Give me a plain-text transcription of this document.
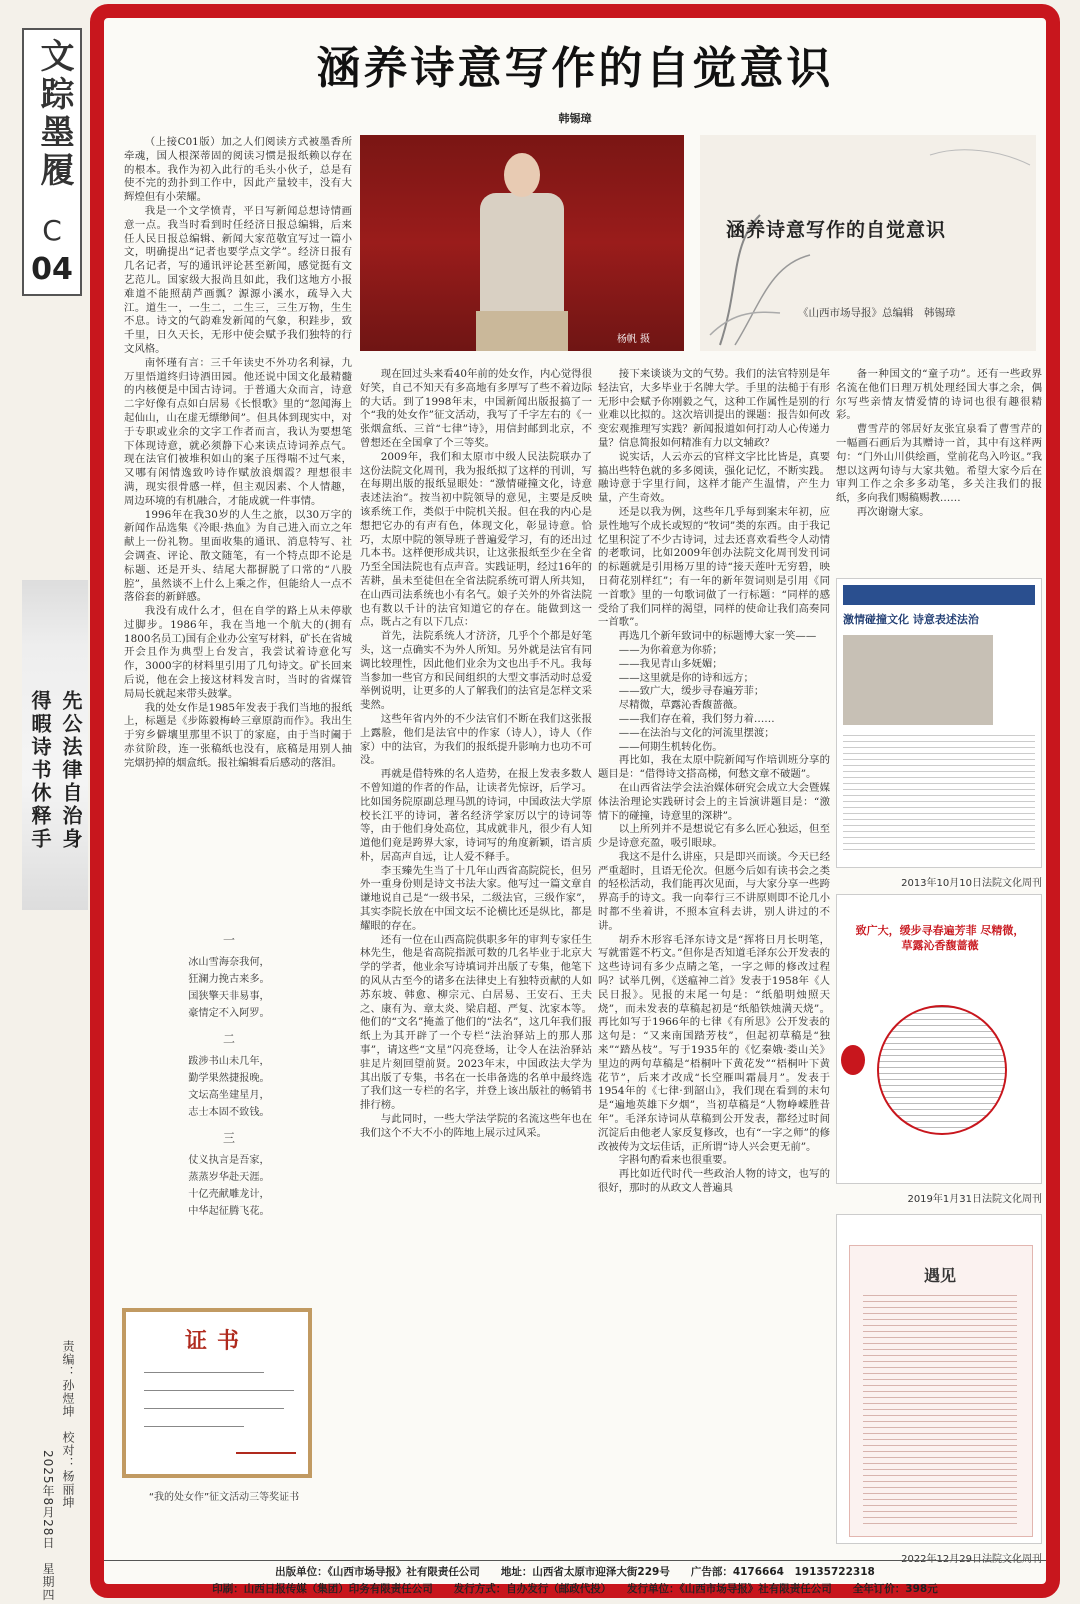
文踪墨履
C
04
先公法律自治身
得暇诗书休释手
责编：孙煜坤　校对：杨丽坤
2025年8月28日　星期四
涵养诗意写作的自觉意识
韩锡璋
杨帆 摄
涵养诗意写作的自觉意识
《山西市场导报》总编辑　韩锡璋

（上接C01版）加之人们阅读方式被墨香所牵魂，国人根深蒂固的阅读习惯是报纸赖以存在的根本。我作为初入此行的毛头小伙子，总是有使不完的劲扑到工作中，因此产量较丰，没有大辉煌但有小荣耀。

我是一个文学愤青，平日写新闻总想诗情画意一点。我当时看到时任经济日报总编辑，后来任人民日报总编辑、新闻大家范敬宜写过一篇小文，明确提出“记者也要学点文学”。经济日报有几名记者，写的通讯评论甚至新闻，感觉挺有文艺范儿。国家级大报尚且如此，我们这地方小报难道不能照葫芦画瓢？源源小溪水，疏导入大江。道生一，一生二，二生三，三生万物，生生不息。诗文的气韵难发新闻的气象，积跬步，致千里，日久天长，无形中使会赋予我们独特的行文风格。

南怀瑾有言：三千年读史不外功名利禄，九万里悟道终归诗酒田园。他还说中国文化最精髓的内核便是中国古诗词。于普通大众而言，诗意二字好像有点如白居易《长恨歌》里的“忽闻海上起仙山，山在虚无缥缈间”。但具体到现实中，对于专职或业余的文字工作者而言，我认为要想笔下体现诗意，就必须静下心来读点诗词养点气。现在法官们被堆积如山的案子压得喘不过气来，又哪有闲情逸致吟诗作赋放浪烟霞？理想很丰满，现实很骨感一样，但主观因素、个人情趣，周边环境的有机融合，才能成就一件事情。

1996年在我30岁的人生之旅，以30万字的新闻作品选集《冷眼·热血》为自己进入而立之年献上一份礼物。里面收集的通讯、消息特写、社会调查、评论、散文随笔，有一个特点即不论是标题、还是开头、结尾大都摒脱了口常的“八股腔”，虽然谈不上什么上乘之作，但能给人一点不落俗套的新鲜感。

我没有成什么才，但在自学的路上从未停歇过脚步。1986年，我在当地一个航大的(拥有1800名员工)国有企业办公室写材料，矿长在省城开会且作为典型上台发言，我尝试着诗意化写作，3000字的材料里引用了几句诗文。矿长回来后说，他在会上接这材料发言时，当时的省煤管局局长就起来带头鼓掌。

我的处女作是1985年发表于我们当地的报纸上，标题是《步陈毅梅岭三章原韵而作》。我出生于穷乡僻壤里那里不识丁的家庭，由于当时阖于赤贫阶段，连一张稿纸也没有，底稿是用别人抽完烟扔掉的烟盒纸。报社编辑看后感动的落泪。

一
冰山雪海奈我何，
狂澜力挽古来多。
国狭擎天非易事，
豪情定不入阿罗。
二
跋涉书山未几年，
勤学果然捷报晚。
文坛高坐建星月，
志士本固不致钱。
三
仗义执言是吾家，
蒸蒸岁华赴天涯。
十亿壳献雕龙计，
中华起征腾飞花。
证书
“我的处女作”征文活动三等奖证书

现在回过头来看40年前的处女作，内心觉得很好笑，自己不知天有多高地有多厚写了些不着边际的大话。到了1998年末，中国新闻出版报搞了一个“我的处女作”征文活动，我写了千字左右的《一张烟盒纸、三首“七律”诗》，用信封邮到北京，不曾想还在全国拿了个三等奖。

2009年，我们和太原市中级人民法院联办了这份法院文化周刊，我为报纸拟了这样的刊训，写在每期出版的报纸显眼处：“激情碰撞文化，诗意表述法治”。按当初中院领导的意见，主要是反映该系统工作，类似于中院机关报。但在我的内心是想把它办的有声有色，体现文化，彰显诗意。恰巧，太原中院的领导班子普遍爱学习，有的还出过几本书。这样便形成共识，让这张报纸至少在全省乃至全国法院也有点声音。实践证明，经过16年的苦耕，虽未至徒但在全省法院系统可谓人所共知，在山西司法系统也小有名气。娘子关外的外省法院也有数以千计的法官知道它的存在。能做到这一点，既占之有以下几点：

首先，法院系统人才济济，几乎个个都是好笔头，这一点确实不为外人所知。另外就是法官有同调比较理性，因此他们业余为文也出手不凡。我每当参加一些官方和民间组织的大型文事活动时总爱举例说明，让更多的人了解我们的法官是怎样文采斐然。

这些年省内外的不少法官们不断在我们这张报上露脸，他们是法官中的作家（诗人），诗人（作家）中的法官，为我们的报纸提升影响力也功不可没。

再就是借特殊的名人造势，在报上发表多数人不曾知道的作者的作品，让读者先惊讶，后学习。比如国务院原副总理马凯的诗词，中国政法大学原校长江平的诗词，著名经济学家厉以宁的诗词等等，由于他们身处高位，其成就非凡，很少有人知道他们竟是跨界大家，诗词写的角度新颖，语言质朴，居高声自远，让人爱不释手。

李玉臻先生当了十几年山西省高院院长，但另外一重身份则是诗文书法大家。他写过一篇文章自谦地说自己是“一级书呆，二级法官，三级作家”，其实李院长放在中国文坛不论横比还是纵比，都是耀眼的存在。

还有一位在山西高院供职多年的审判专家任生林先生，他是省高院指派可数的几名毕业于北京大学的学者，他业余写诗填词并出版了专集，他笔下的风从古至今的诸多在法律史上有独特贡献的人如苏东坡、韩愈、柳宗元、白居易、王安石、王夫之、康有为、章太炎、梁启超、严复、沈家本等。他们的“文名”掩盖了他们的“法名”，这几年我们报纸上为其开辟了一个专栏“法治驿站上的那人那事”，请这些“文星”闪亮登场，让令人在法治驿站驻足片刻回望前贤。2023年末，中国政法大学为其出版了专集，书名在一长串备选的名单中最终选了我们这一专栏的名字，并登上该出版社的畅销书排行榜。

与此同时，一些大学法学院的名流这些年也在我们这个不大不小的阵地上展示过风采。

接下来谈谈为文的气势。我们的法官特别是年轻法官，大多毕业于名牌大学。手里的法槌于有形无形中会赋予你刚毅之气，这种工作属性是别的行业难以比拟的。这次培训提出的课题：报告如何改变宏观推理写实践？新闻报道如何打动人心传递力量？信息简报如何精准有力以文辅政？

说实话，人云亦云的官样文字比比皆是，真要搞出些特色就的多多阅读，强化记忆，不断实践。融诗意于字里行间，这样才能产生温情，产生力量，产生奇效。

还是以我为例，这些年几乎每到案末年初，应景性地写个成长或短的“牧词”类的东西。由于我记忆里积淀了不少古诗词，过去还喜欢看些令人动情的老歌词，比如2009年创办法院文化周刊发刊词的标题就是引用杨万里的诗“接天莲叶无穷碧，映日荷花别样红”；有一年的新年贺词则是引用《同一首歌》里的一句歌词做了一行标题：“同样的感受给了我们同样的渴望，同样的使命让我们高奏同一首歌”。

再选几个新年致词中的标题博大家一笑——

——为你着意为你骄；

——我见青山多妩媚；

——这里就是你的诗和远方；

——致广大，缓步寻春遍芳菲；

尽精微，草露沁香馥蔷薇。

——我们存在着，我们努力着……

——在法治与文化的河流里摆渡；

——何期生机转化伤。

再比如，我在太原中院新闻写作培训班分享的题目是：“借得诗文搭高梯，何愁文章不破题”。

在山西省法学会法治媒体研究会成立大会暨媒体法治理论实践研讨会上的主旨演讲题目是：“激情下的碰撞，诗意里的深耕”。

以上所列并不是想说它有多么匠心独运，但至少是诗意充盈，吸引眼球。

我这不是什么讲座，只是即兴而谈。今天已经严重超时，且语无伦次。但愿今后如有读书会之类的轻松活动，我们能再次见面，与大家分享一些跨界高手的诗文。我一向奉行三不讲原则即不论几小时都不坐着讲，不照本宣科去讲，别人讲过的不讲。

胡乔木形容毛泽东诗文是“挥将日月长明笔，写就雷霆不朽文。”但你是否知道毛泽东公开发表的这些诗词有多少点睛之笔，一字之师的修改过程吗？试举几例，《送瘟神二首》发表于1958年《人民日报》。见报的末尾一句是：“纸船明烛照天烧”，而未发表的草稿起初是“纸船铁烛满天烧”。再比如写于1966年的七律《有所思》公开发表的这句是：“又来南国踏芳枝”，但起初草稿是“独来”“踏丛枝”。写于1935年的《忆秦娥·娄山关》里边的两句草稿是“梧桐叶下黄花发”“梧桐叶下黄花节”，后来才改成“长空雁叫霜晨月”。发表于1954年的《七律·到韶山》，我们现在看到的末句是“遍地英雄下夕烟”，当初草稿是“人物峥嵘胜昔年”。毛泽东诗词从草稿到公开发表，都经过时间沉淀后由他老人家反复修改，也有“一字之师”的修改被传为文坛佳话，正所谓“诗人兴会更无前”。

字斟句酌看来也很重要。

再比如近代时代一些政治人物的诗文，也写的很好，那时的从政文人普遍具

备一种国文的“童子功”。还有一些政界名流在他们日理万机处理经国大事之余，偶尔写些亲情友情爱情的诗词也很有趣很精彩。

曹雪芹的邻居好友张宜泉看了曹雪芹的一幅画石画后为其赠诗一首，其中有这样两句：“门外山川供绘画，堂前花鸟入吟讴。”我想以这两句诗与大家共勉。希望大家今后在审判工作之余多多动笔，多关注我们的报纸，多向我们赐稿赐教……

再次谢谢大家。

激情碰撞文化 诗意表述法治
2013年10月10日法院文化周刊
致广大，缓步寻春遍芳菲 尽精微，草露沁香馥蔷薇
2019年1月31日法院文化周刊
遇见
出版单位：《山西市场导报》社有限责任公司　　地址：山西省太原市迎泽大街229号　　广告部：4176664　19135722318
印刷：山西日报传媒（集团）印务有限责任公司　　发行方式：自办发行（邮政代投）　　发行单位：《山西市场导报》社有限责任公司　　全年订价：398元
